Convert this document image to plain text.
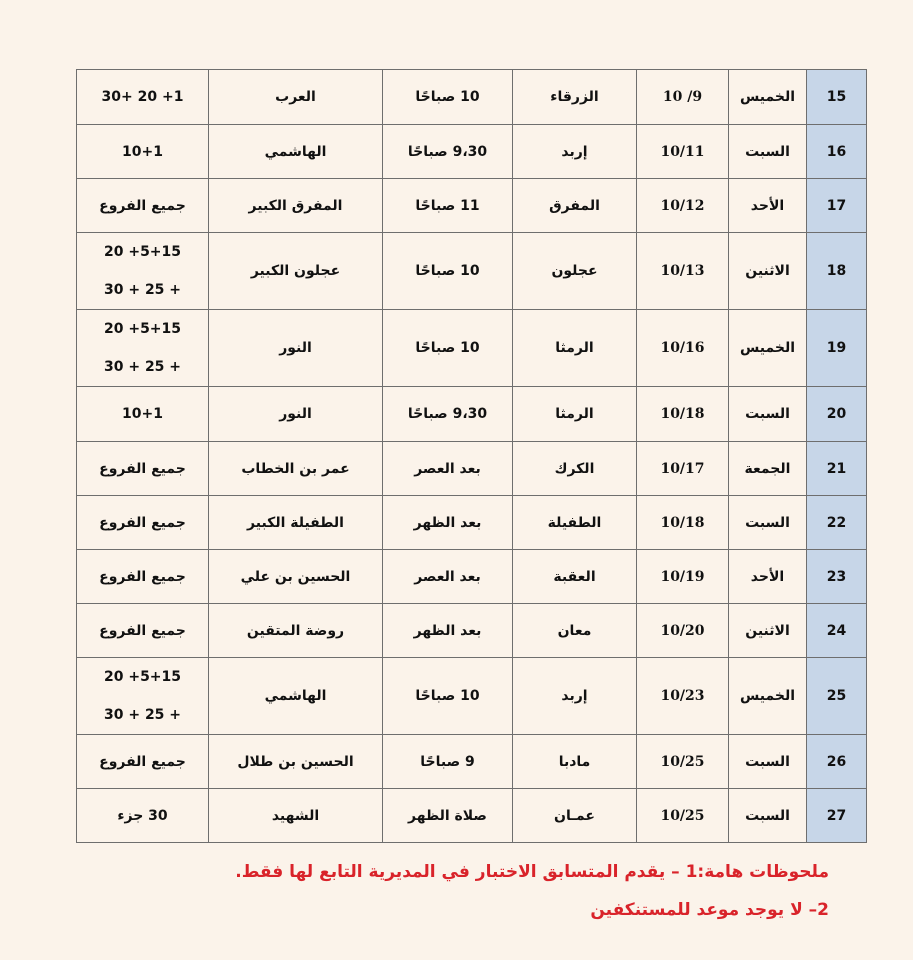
1+ 20 +30	العرب	10 صباحًا	الزرقاء	10 /9	الخميس	15

10+1	الهاشمي	9،30 صباحًا	إربد	10/11	السبت	16

جميع الفروع	المفرق الكبير	11 صباحًا	المفرق	10/12	الأحد	17

5+15+ 20
+ 25 + 30	عجلون الكبير	10 صباحًا	عجلون	10/13	الاثنين	18

5+15+ 20
+ 25 + 30	النور	10 صباحًا	الرمثا	10/16	الخميس	19

10+1	النور	9،30 صباحًا	الرمثا	10/18	السبت	20

جميع الفروع	عمر بن الخطاب	بعد العصر	الكرك	10/17	الجمعة	21

جميع الفروع	الطفيلة الكبير	بعد الظهر	الطفيلة	10/18	السبت	22

جميع الفروع	الحسين بن علي	بعد العصر	العقبة	10/19	الأحد	23

جميع الفروع	روضة المتقين	بعد الظهر	معان	10/20	الاثنين	24

5+15+ 20
+ 25 + 30	الهاشمي	10 صباحًا	إربد	10/23	الخميس	25

جميع الفروع	الحسين بن طلال	9 صباحًا	مادبا	10/25	السبت	26

30 جزء	الشهيد	صلاة الظهر	عمـان	10/25	السبت	27
ملحوظات هامة:1 – يقدم المتسابق الاختبار في المديرية التابع لها فقط.
2– لا يوجد موعد للمستنكفين
